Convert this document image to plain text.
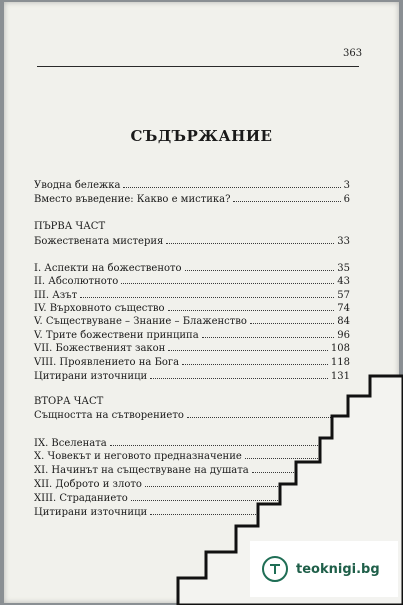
363
СЪДЪРЖАНИЕ
Уводна бележка	3
Вместо въведение: Какво е мистика?	6
ПЪРВА ЧАСТ
Божествената мистерия	33
I. Аспекти на божественото	35
II. Абсолютното	43
III. Азът	57
IV. Върховното същество	74
V. Съществуване – Знание – Блаженство	84
V. Трите божествени принципа	96
VII. Божественият закон	108
VIII. Проявлението на Бога	118
Цитирани източници	131
ВТОРА ЧАСТ
Същността на сътворението
IX. Вселената
X. Човекът и неговото предназначение
XI. Начинът на съществуване на душата
XII. Доброто и злото
XIII. Страданието
Цитирани източници
teoknigi.bg
